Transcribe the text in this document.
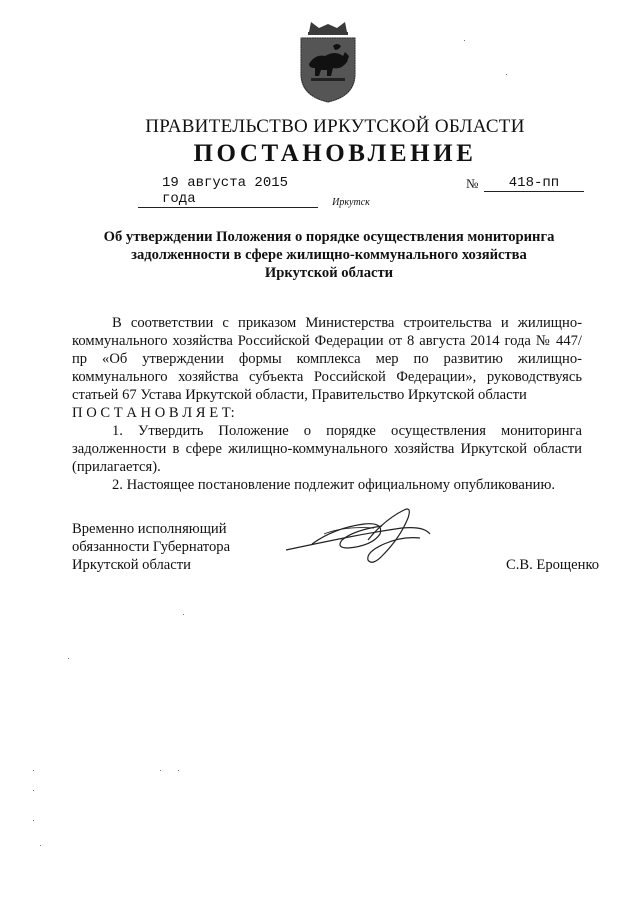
ПРАВИТЕЛЬСТВО ИРКУТСКОЙ ОБЛАСТИ
ПОСТАНОВЛЕНИЕ
19 августа 2015 года
№	418-пп
Иркутск
Об утверждении Положения о порядке осуществления мониторинга задолженности в сфере жилищно-коммунального хозяйства Иркутской области

В соответствии с приказом Министерства строительства и жилищно-коммунального хозяйства Российской Федерации от 8 августа 2014 года № 447/пр «Об утверждении формы комплекса мер по развитию жилищно-коммунального хозяйства субъекта Российской Федерации», руководствуясь статьей 67 Устава Иркутской области, Правительство Иркутской области

П О С Т А Н О В Л Я Е Т:

1. Утвердить Положение о порядке осуществления мониторинга задолженности в сфере жилищно-коммунального хозяйства Иркутской области (прилагается).

2. Настоящее постановление подлежит официальному опубликованию.

Временно исполняющий
обязанности Губернатора
Иркутской области	С.В. Ерощенко
